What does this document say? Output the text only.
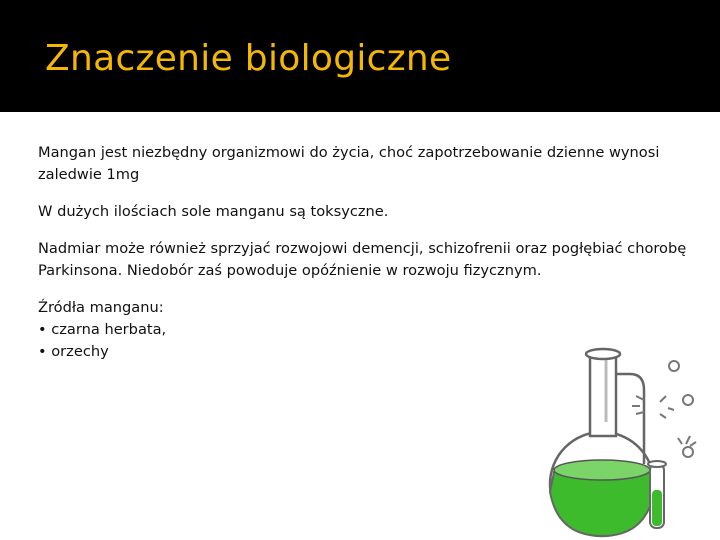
Znaczenie biologiczne

Mangan jest niezbędny organizmowi do życia, choć zapotrzebowanie dzienne wynosi zaledwie 1mg

W dużych ilościach sole manganu są toksyczne.

Nadmiar może również sprzyjać rozwojowi demencji, schizofrenii oraz pogłębiać chorobę Parkinsona. Niedobór zaś powoduje opóźnienie w rozwoju fizycznym.

Źródła manganu:

• czarna herbata,

• orzechy
